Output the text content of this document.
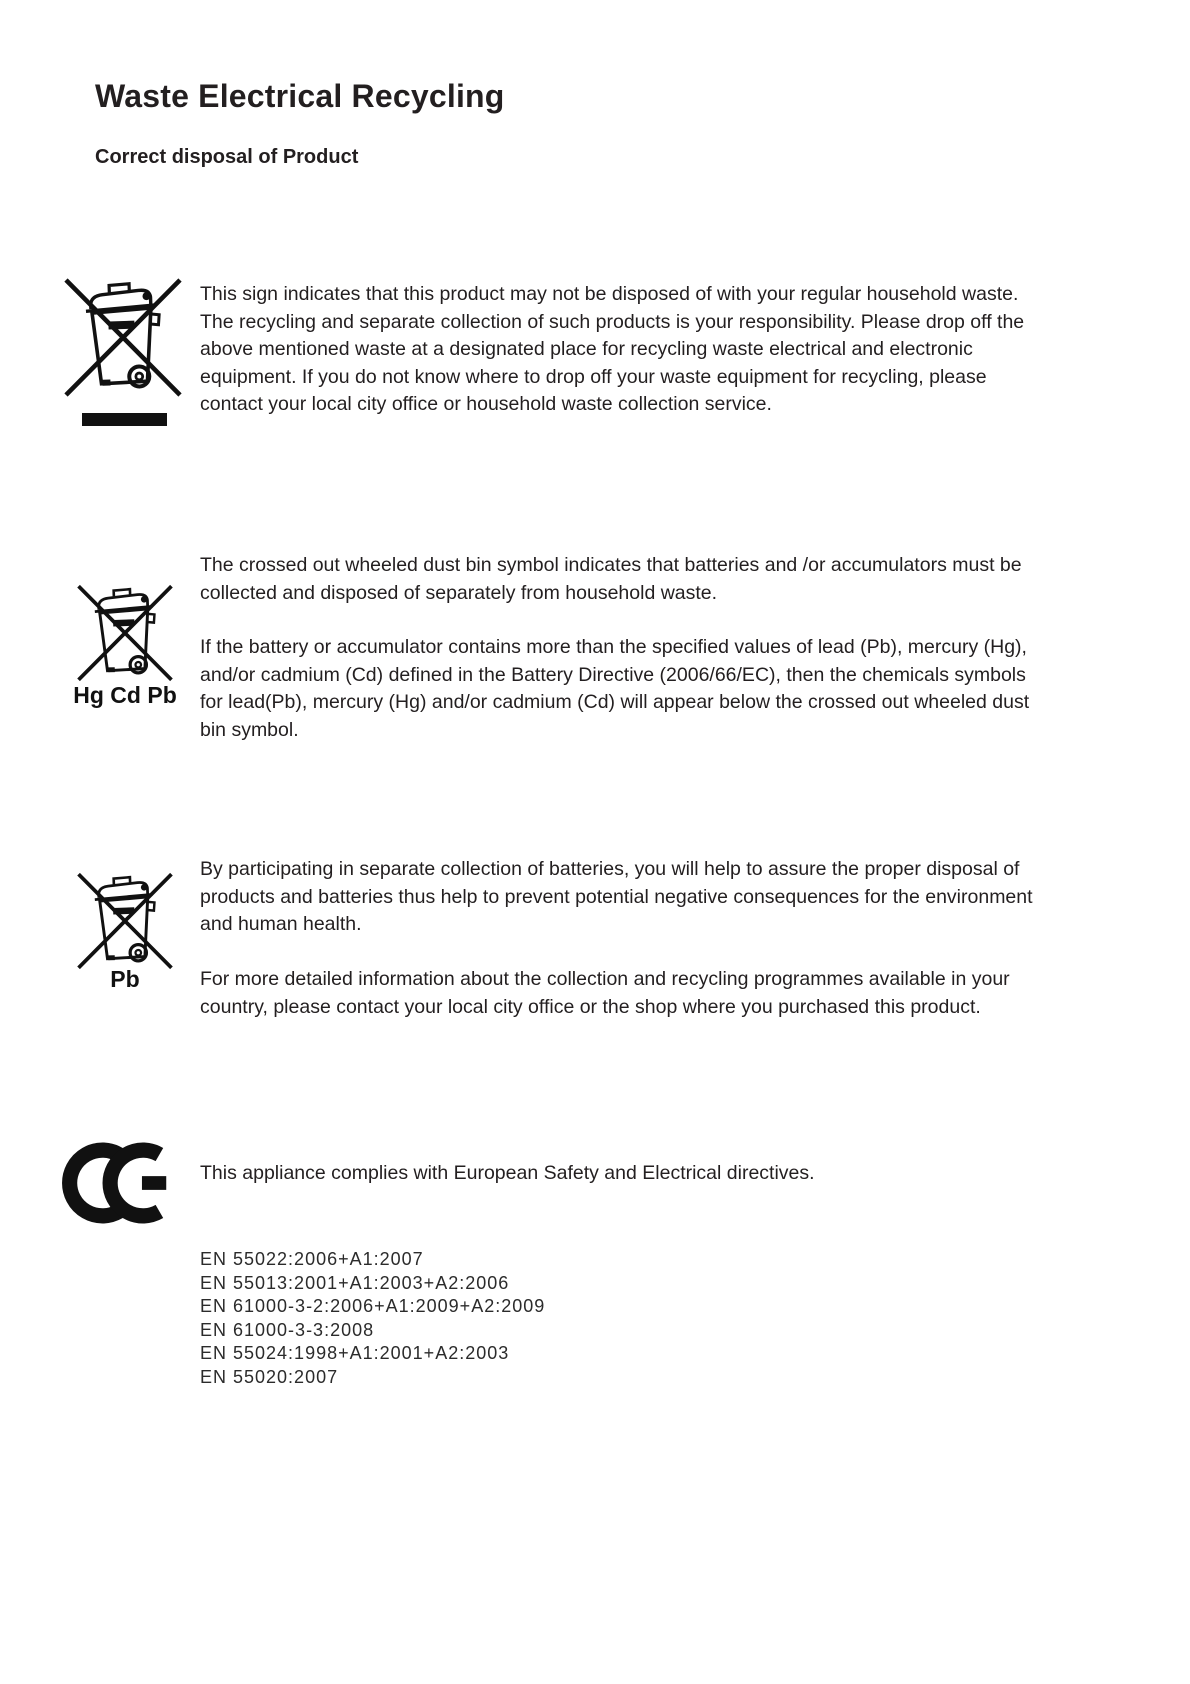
Waste Electrical Recycling
Correct disposal of Product
This sign indicates that this product may not be disposed of with your regular household waste. The recycling and separate collection of such products is your responsibility. Please drop off the above mentioned waste at a designated place for recycling waste electrical and electronic equipment. If you do not know where to drop off your waste equipment for recycling, please contact your local city office or household waste collection service.
Hg Cd Pb
The crossed out wheeled dust bin symbol indicates that batteries and /or accumulators must be collected and disposed of separately from household waste.
If the battery or accumulator contains more than the specified values of lead (Pb), mercury (Hg), and/or cadmium (Cd) defined in the Battery Directive (2006/66/EC), then the chemicals symbols for lead(Pb), mercury (Hg) and/or cadmium (Cd) will appear below the crossed out wheeled dust bin symbol.
Pb
By participating in separate collection of batteries, you will help to assure the proper disposal of products and batteries thus help to prevent potential negative consequences for the environment and human health.
For more detailed information about the collection and recycling programmes available in your country, please contact your local city office or the shop where you purchased this product.
This appliance complies with European Safety and Electrical directives.
EN 55022:2006+A1:2007
EN 55013:2001+A1:2003+A2:2006
EN 61000-3-2:2006+A1:2009+A2:2009
EN 61000-3-3:2008
EN 55024:1998+A1:2001+A2:2003
EN 55020:2007
